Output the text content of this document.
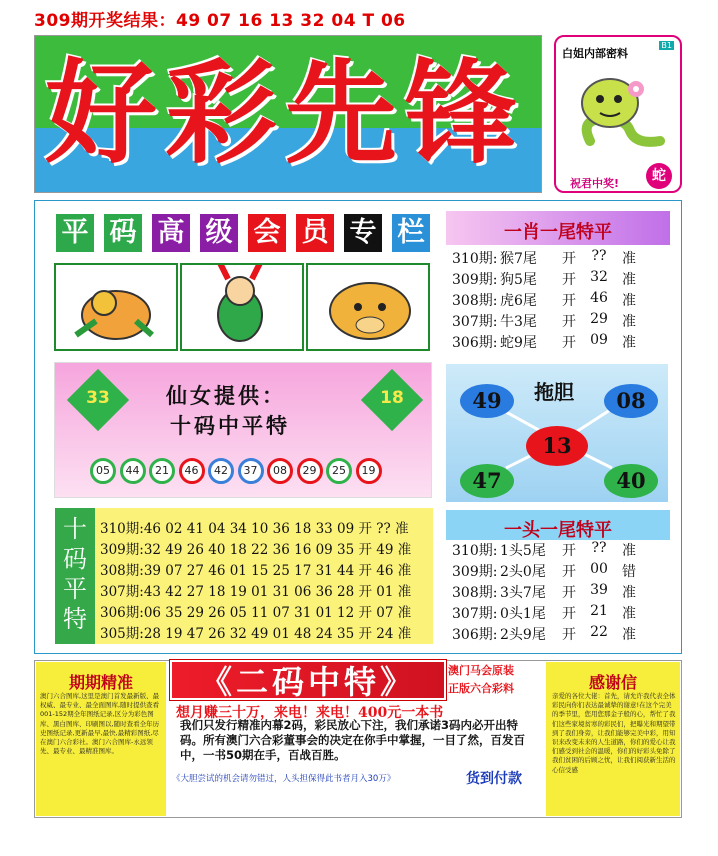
309期开奖结果：49 07 16 13 32 04 T 06
好彩先锋	白姐内部密料
B1
祝君中奖!	蛇
平 码 高 级 会 员 专 栏	一肖一尾特平
33	18
仙女提供：
十码中平特
拖胆
49	08
13
47	40
十
码
平
特
一头一尾特平
期期精准
澳门六合图库,这里是澳门首发最新版、最权威、最专业、最全面图库,随时提供查看001-152期全年图纸记录,区分为彩色图库、黑白图库、印刷图以,随时查看全年历史图纸记录,更新最早,最快,最精彩图纸,尽在澳门六合彩社。澳门六合图库-永远领先、最专业、最精准图库。
《二码中特》	澳门马会原装
正版六合彩料
想月赚三十万，来电！来电！400元一本书
我们只发行精准内幕2码，彩民放心下注，我们承诺3码内必开出特码。所有澳门六合彩董事会的决定在你手中掌握，一目了然，百发百中，一书50期在手，百战百胜。
《大胆尝试的机会请勿错过，人头担保得此书者月入30万》	货到付款
感谢信
亲爱的各位大佬：首先，请允许我代表全体彩民向你们表达最诚挚的谢意!在这个完美的季节里，您用您那金子般的心，帮忙了我们这些家境贫寒的彩民们，把曝光和期望带到了我们身旁，让我们能够完美中彩，用知识来改变未来的人生道路，你们的爱心让我们感受到社会的温暖，你们的好彩头免除了我们贫困的后顾之忧，让我们阅获新生活的心信受感
310期: 猴7尾 开	??	准
309期: 狗5尾 开	32	准
308期: 虎6尾 开	46	准
307期: 牛3尾 开	29	准
306期: 蛇9尾 开	09	准
310期: 1头5尾 开	??	准
309期: 2头0尾 开	00	错
308期: 3头7尾 开	39	准
307期: 0头1尾 开	21	准
306期: 2头9尾 开	22	准
310期:46 02 41 04 34 10 36 18 33 09 开 ?? 准
309期:32 49 26 40 18 22 36 16 09 35 开 49 准
308期:39 07 27 46 01 15 25 17 31 44 开 46 准
307期:43 42 27 18 19 01 31 06 36 28 开 01 准
306期:06 35 29 26 05 11 07 31 01 12 开 07 准
305期:28 19 47 26 32 49 01 48 24 35 开 24 准
05	44	21	46	42	37	08	29	25	19
